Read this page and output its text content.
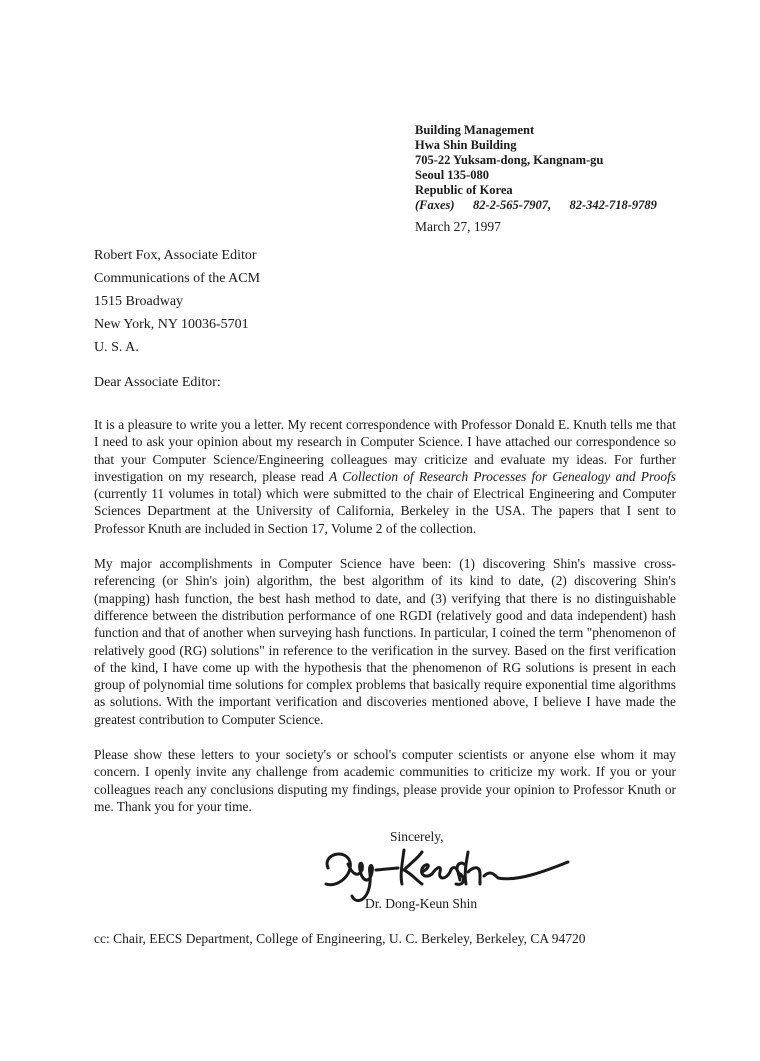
Building Management
Hwa Shin Building
705-22 Yuksam-dong, Kangnam-gu
Seoul 135-080
Republic of Korea
(Faxes)   82-2-565-7907,   82-342-718-9789
March 27, 1997
Robert Fox, Associate Editor
Communications of the ACM
1515 Broadway
New York, NY 10036-5701
U. S. A.
Dear Associate Editor:

It is a pleasure to write you a letter. My recent correspondence with Professor Donald E. Knuth tells me that I need to ask your opinion about my research in Computer Science. I have attached our correspondence so that your Computer Science/Engineering colleagues may criticize and evaluate my ideas. For further investigation on my research, please read A Collection of Research Processes for Genealogy and Proofs (currently 11 volumes in total) which were submitted to the chair of Electrical Engineering and Computer Sciences Department at the University of California, Berkeley in the USA. The papers that I sent to Professor Knuth are included in Section 17, Volume 2 of the collection.

My major accomplishments in Computer Science have been: (1) discovering Shin's massive cross-referencing (or Shin's join) algorithm, the best algorithm of its kind to date, (2) discovering Shin's (mapping) hash function, the best hash method to date, and (3) verifying that there is no distinguishable difference between the distribution performance of one RGDI (relatively good and data independent) hash function and that of another when surveying hash functions. In particular, I coined the term "phenomenon of relatively good (RG) solutions" in reference to the verification in the survey. Based on the first verification of the kind, I have come up with the hypothesis that the phenomenon of RG solutions is present in each group of polynomial time solutions for complex problems that basically require exponential time algorithms as solutions. With the important verification and discoveries mentioned above, I believe I have made the greatest contribution to Computer Science.

Please show these letters to your society's or school's computer scientists or anyone else whom it may concern. I openly invite any challenge from academic communities to criticize my work. If you or your colleagues reach any conclusions disputing my findings, please provide your opinion to Professor Knuth or me. Thank you for your time.

Sincerely,
Dr. Dong-Keun Shin
cc: Chair, EECS Department, College of Engineering, U. C. Berkeley, Berkeley, CA 94720
